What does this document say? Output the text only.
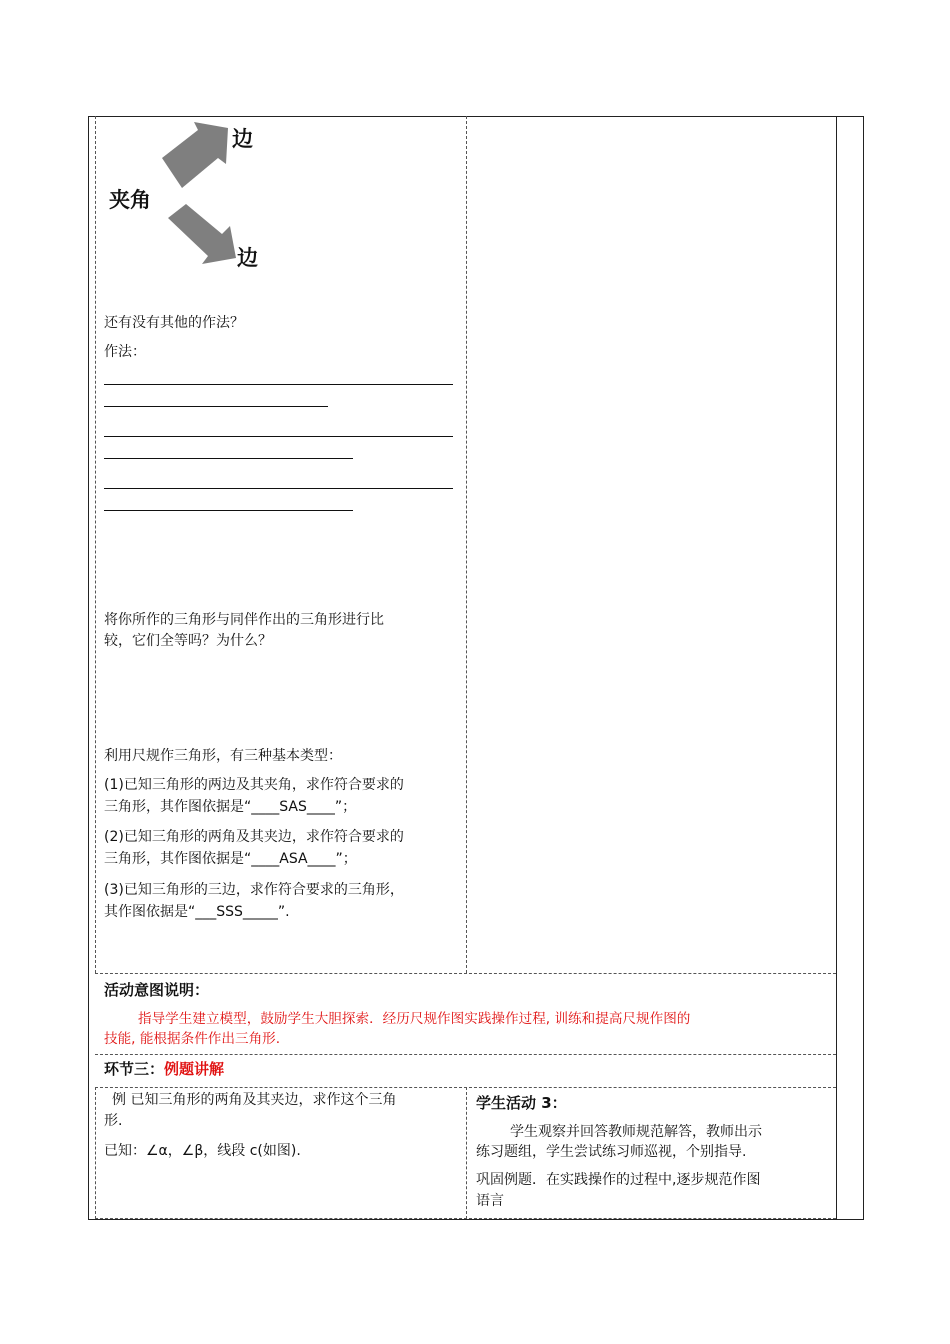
夹角
边
边
还有没有其他的作法？
作法：
将你所作的三角形与同伴作出的三角形进行比
较，它们全等吗？为什么？
利用尺规作三角形，有三种基本类型：
(1)已知三角形的两边及其夹角，求作符合要求的
三角形，其作图依据是“____SAS____”；
(2)已知三角形的两角及其夹边，求作符合要求的
三角形，其作图依据是“____ASA____”；
(3)已知三角形的三边，求作符合要求的三角形，
其作图依据是“___SSS_____”.
活动意图说明：
指导学生建立模型，鼓励学生大胆探索．经历尺规作图实践操作过程, 训练和提高尺规作图的
技能, 能根据条件作出三角形.
环节三：例题讲解
例 已知三角形的两角及其夹边，求作这个三角
形.
已知：∠α，∠β，线段 c(如图).
学生活动 3：
学生观察并回答教师规范解答，教师出示
练习题组，学生尝试练习师巡视，个别指导.
巩固例题．在实践操作的过程中,逐步规范作图
语言
